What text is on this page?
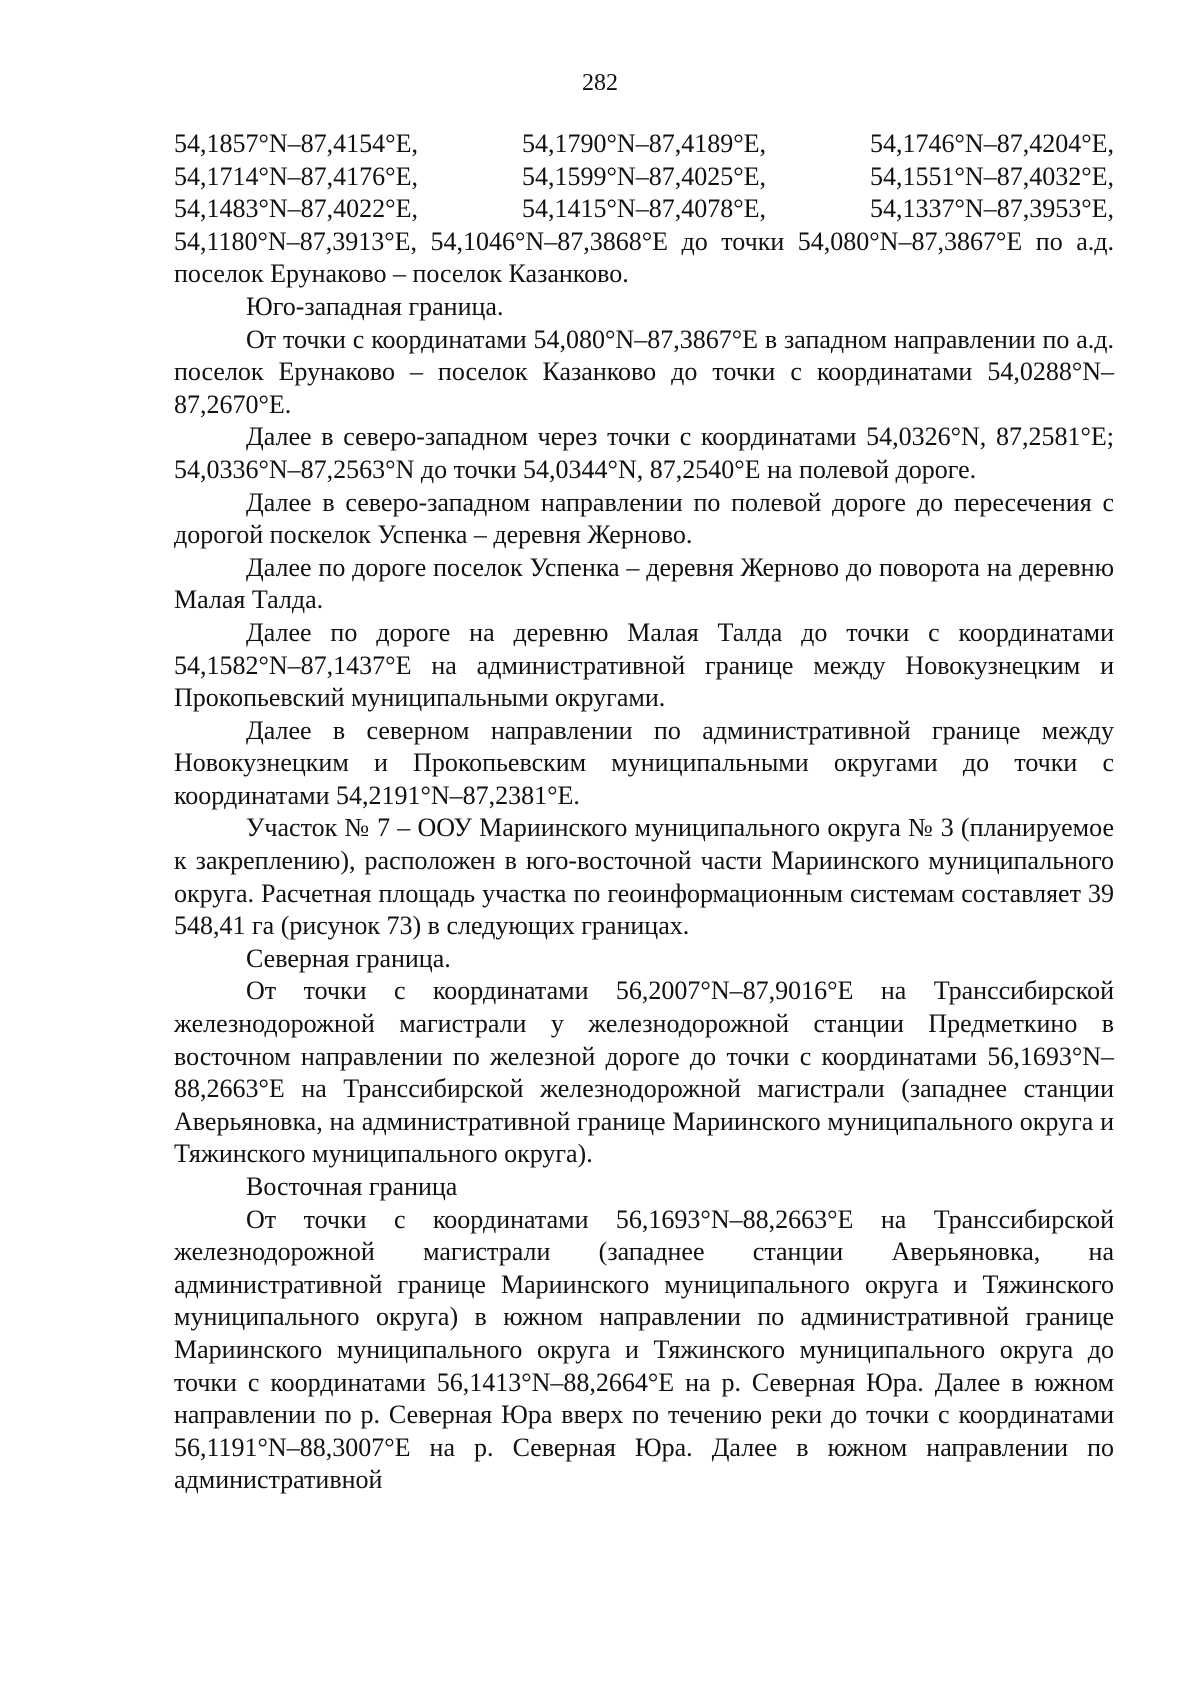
282
54,1857°N–87,4154°E,	54,1790°N–87,4189°E,	54,1746°N–87,4204°E,
54,1714°N–87,4176°E,	54,1599°N–87,4025°E,	54,1551°N–87,4032°E,
54,1483°N–87,4022°E,	54,1415°N–87,4078°E,	54,1337°N–87,3953°E,

54,1180°N–87,3913°E, 54,1046°N–87,3868°E до точки 54,080°N–87,3867°E по а.д. поселок Ерунаково – поселок Казанково.

Юго-западная граница.

От точки с координатами 54,080°N–87,3867°E в западном направлении по а.д. поселок Ерунаково – поселок Казанково до точки с координатами 54,0288°N–87,2670°E.

Далее в северо-западном через точки с координатами 54,0326°N, 87,2581°E; 54,0336°N–87,2563°N до точки 54,0344°N, 87,2540°E на полевой дороге.

Далее в северо-западном направлении по полевой дороге до пересечения с дорогой поскелок Успенка – деревня Жерново.

Далее по дороге поселок Успенка – деревня Жерново до поворота на деревню Малая Талда.

Далее по дороге на деревню Малая Талда до точки с координатами 54,1582°N–87,1437°E на административной границе между Новокузнецким и Прокопьевский муниципальными округами.

Далее в северном направлении по административной границе между Новокузнецким и Прокопьевским муниципальными округами до точки с координатами 54,2191°N–87,2381°E.

Участок № 7 – ООУ Мариинского муниципального округа № 3 (планируемое к закреплению), расположен в юго-восточной части Мариинского муниципального округа. Расчетная площадь участка по геоинформационным системам составляет 39 548,41 га (рисунок 73) в следующих границах.

Северная граница.

От точки с координатами 56,2007°N–87,9016°E на Транссибирской железнодорожной магистрали у железнодорожной станции Предметкино в восточном направлении по железной дороге до точки с координатами 56,1693°N–88,2663°E на Транссибирской железнодорожной магистрали (западнее станции Аверьяновка, на административной границе Мариинского муниципального округа и Тяжинского муниципального округа).

Восточная граница

От точки с координатами 56,1693°N–88,2663°E на Транссибирской железнодорожной магистрали (западнее станции Аверьяновка, на административной границе Мариинского муниципального округа и Тяжинского муниципального округа) в южном направлении по административной границе Мариинского муниципального округа и Тяжинского муниципального округа до точки с координатами 56,1413°N–88,2664°E на р. Северная Юра. Далее в южном направлении по р. Северная Юра вверх по течению реки до точки с координатами 56,1191°N–88,3007°E на р. Северная Юра. Далее в южном направлении по административной
